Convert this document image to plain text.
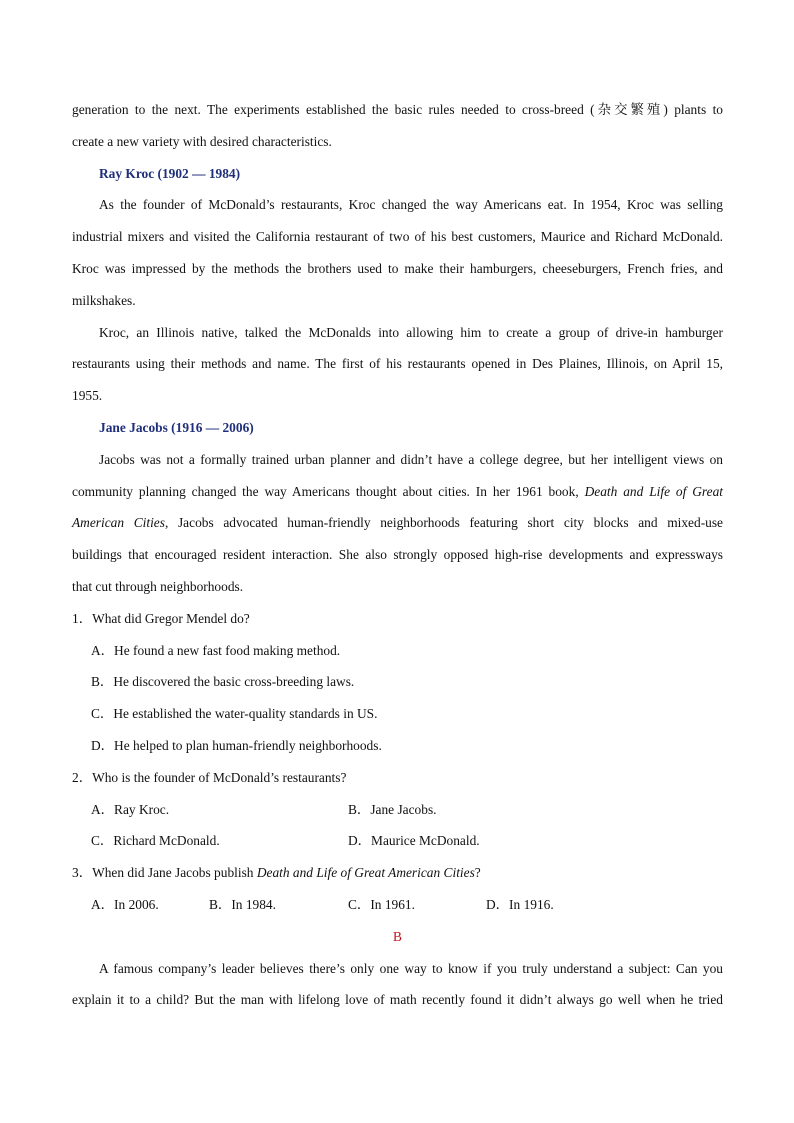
generation to the next. The experiments established the basic rules needed to cross-breed (杂交繁殖) plants to
create a new variety with desired characteristics.
Ray Kroc (1902 — 1984)
As the founder of McDonald’s restaurants, Kroc changed the way Americans eat. In 1954, Kroc was selling
industrial mixers and visited the California restaurant of two of his best customers, Maurice and Richard McDonald.
Kroc was impressed by the methods the brothers used to make their hamburgers, cheeseburgers, French fries, and
milkshakes.
Kroc, an Illinois native, talked the McDonalds into allowing him to create a group of drive-in hamburger
restaurants using their methods and name. The first of his restaurants opened in Des Plaines, Illinois, on April 15,
1955.
Jane Jacobs (1916 — 2006)
Jacobs was not a formally trained urban planner and didn’t have a college degree, but her intelligent views on
community planning changed the way Americans thought about cities. In her 1961 book, Death and Life of Great
American Cities, Jacobs advocated human-friendly neighborhoods featuring short city blocks and mixed-use
buildings that encouraged resident interaction. She also strongly opposed high-rise developments and expressways
that cut through neighborhoods.
1．What did Gregor Mendel do?
A．He found a new fast food making method.
B．He discovered the basic cross-breeding laws.
C．He established the water-quality standards in US.
D．He helped to plan human-friendly neighborhoods.
2．Who is the founder of McDonald’s restaurants?
A．Ray Kroc.	B．Jane Jacobs.
C．Richard McDonald.	D．Maurice McDonald.
3．When did Jane Jacobs publish Death and Life of Great American Cities?
A．In 2006.	B．In 1984.	C．In 1961.	D．In 1916.
B
A famous company’s leader believes there’s only one way to know if you truly understand a subject: Can you
explain it to a child? But the man with lifelong love of math recently found it didn’t always go well when he tried
